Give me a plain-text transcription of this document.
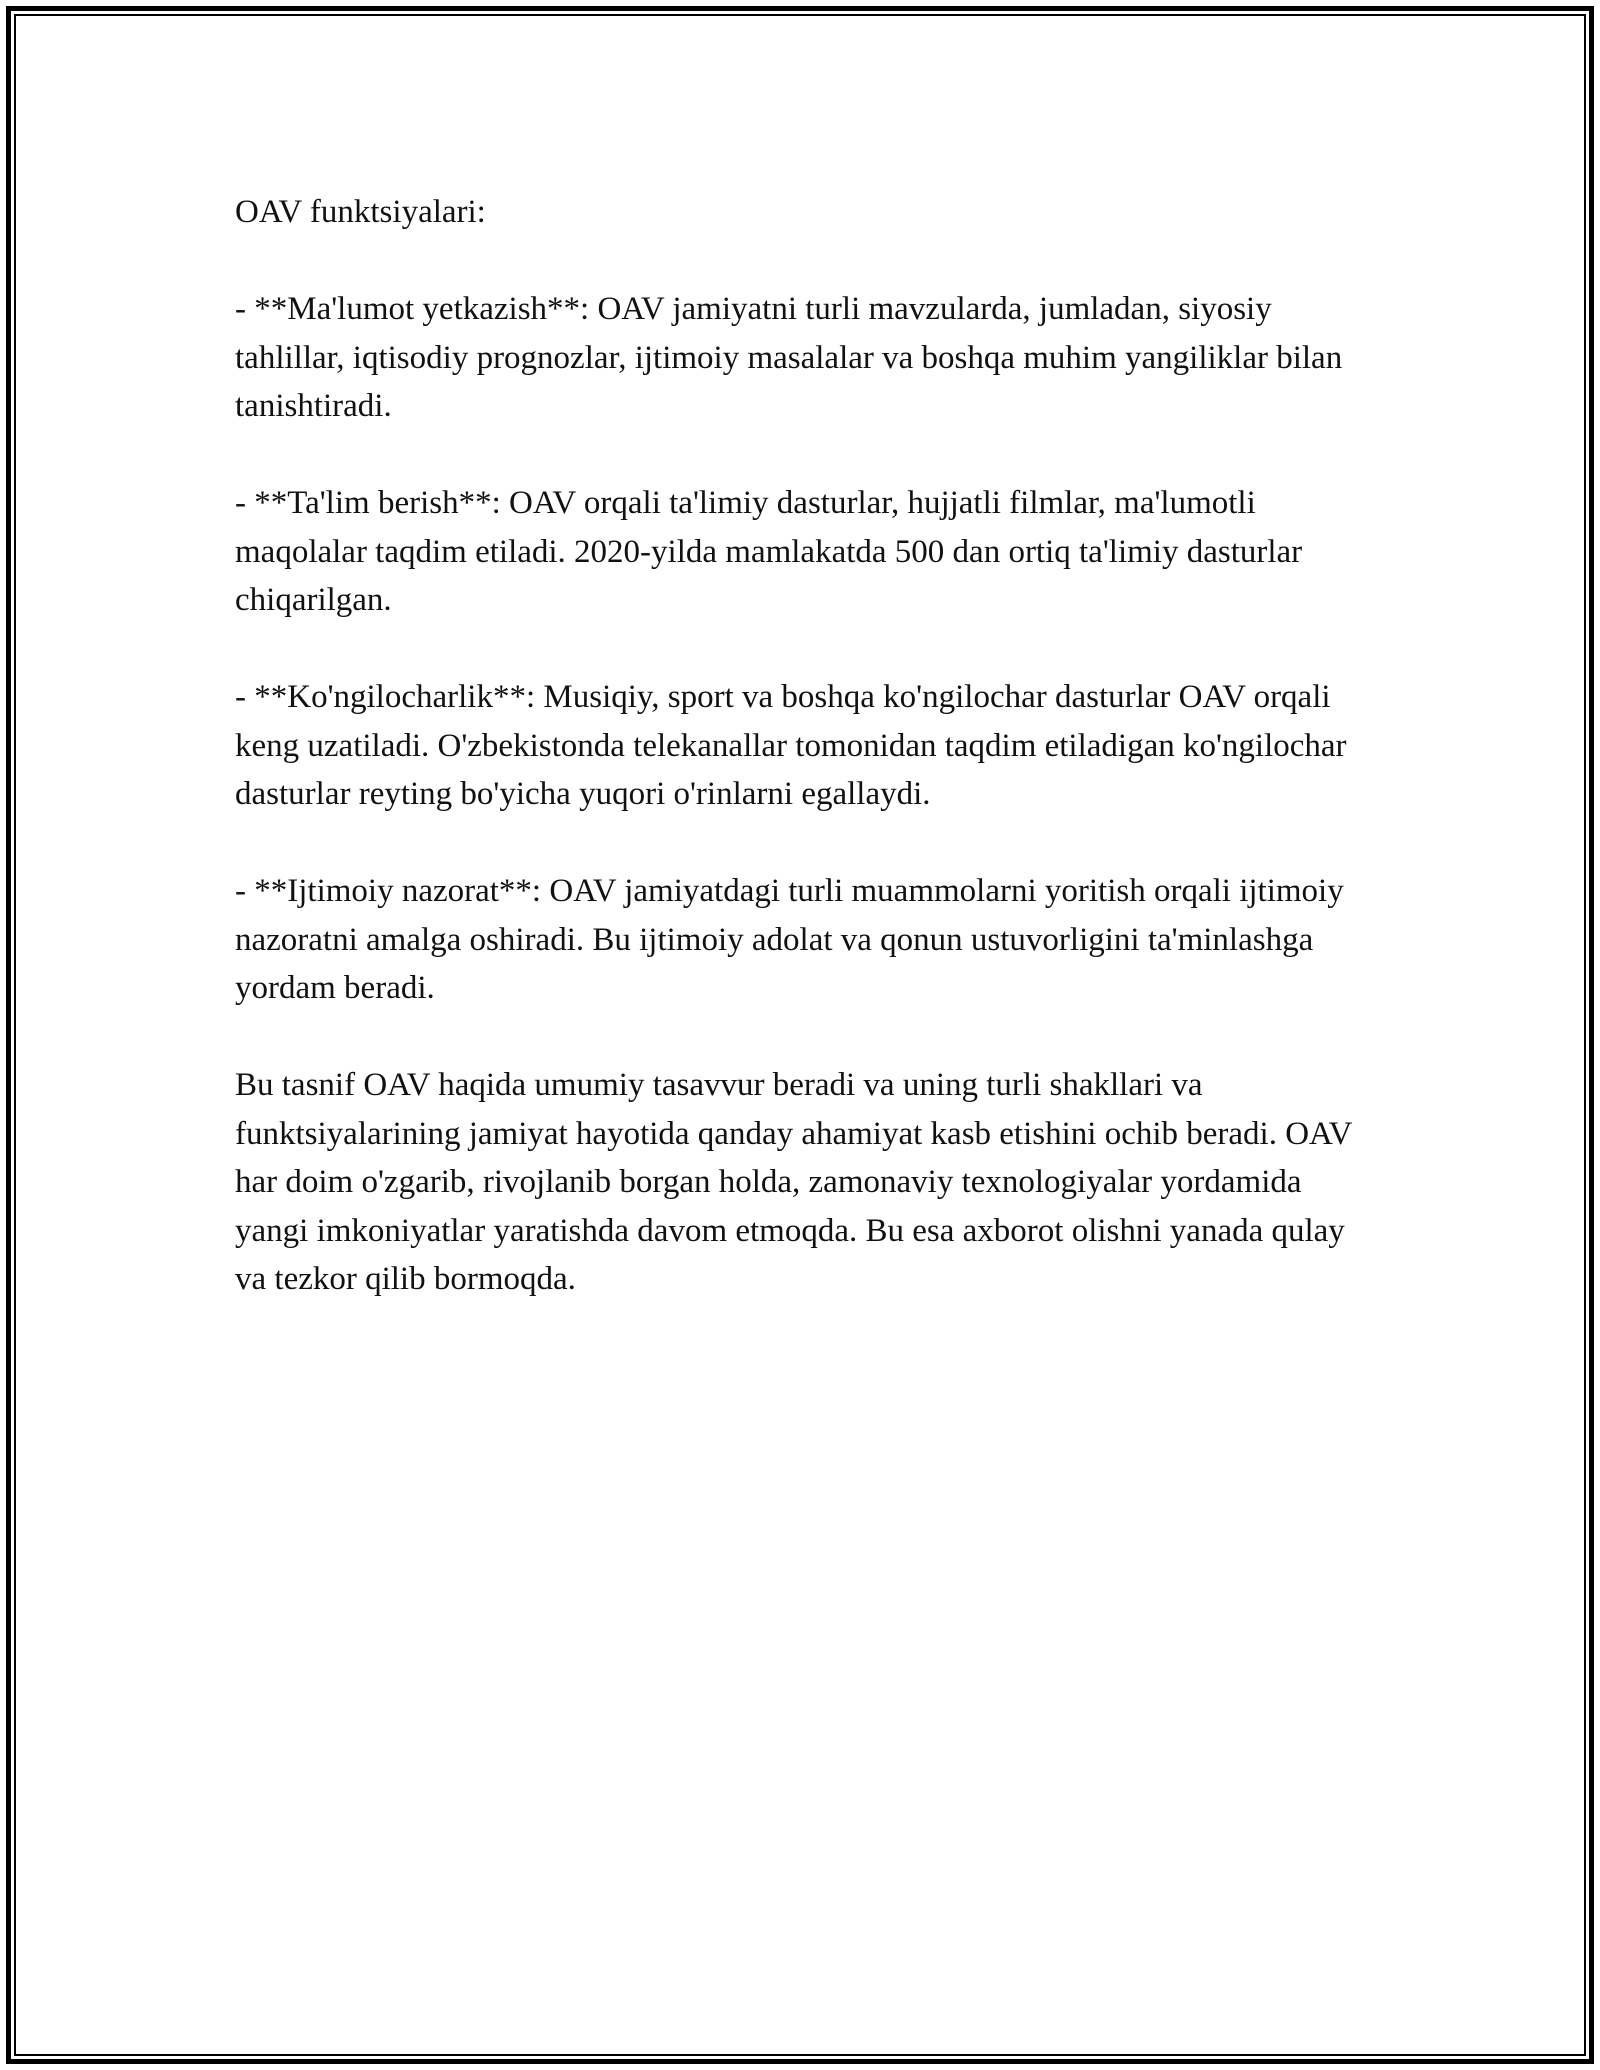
OAV funktsiyalari:

- **Ma'lumot yetkazish**: OAV jamiyatni turli mavzularda, jumladan, siyosiy tahlillar, iqtisodiy prognozlar, ijtimoiy masalalar va boshqa muhim yangiliklar bilan tanishtiradi.

- **Ta'lim berish**: OAV orqali ta'limiy dasturlar, hujjatli filmlar, ma'lumotli maqolalar taqdim etiladi. 2020-yilda mamlakatda 500 dan ortiq ta'limiy dasturlar chiqarilgan.

- **Ko'ngilocharlik**: Musiqiy, sport va boshqa ko'ngilochar dasturlar OAV orqali keng uzatiladi. O'zbekistonda telekanallar tomonidan taqdim etiladigan ko'ngilochar dasturlar reyting bo'yicha yuqori o'rinlarni egallaydi.

- **Ijtimoiy nazorat**: OAV jamiyatdagi turli muammolarni yoritish orqali ijtimoiy nazoratni amalga oshiradi. Bu ijtimoiy adolat va qonun ustuvorligini ta'minlashga yordam beradi.

Bu tasnif OAV haqida umumiy tasavvur beradi va uning turli shakllari va funktsiyalarining jamiyat hayotida qanday ahamiyat kasb etishini ochib beradi. OAV har doim o'zgarib, rivojlanib borgan holda, zamonaviy texnologiyalar yordamida yangi imkoniyatlar yaratishda davom etmoqda. Bu esa axborot olishni yanada qulay va tezkor qilib bormoqda.
